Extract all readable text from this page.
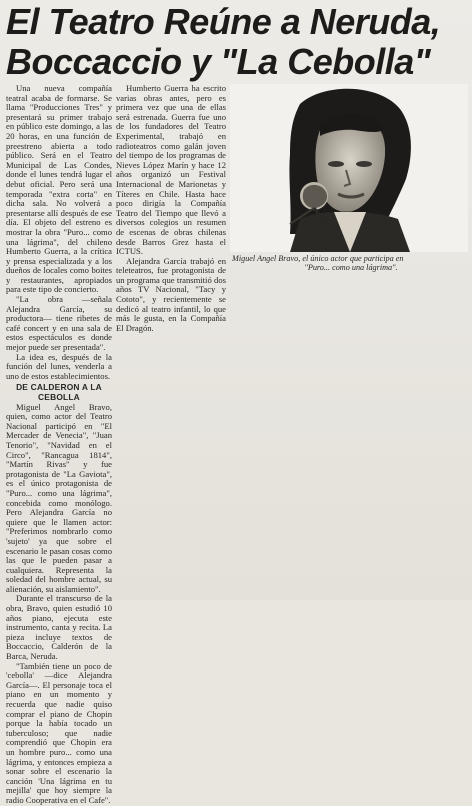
El Teatro Reúne a Neruda,
Boccaccio y "La Cebolla"

Una nueva compañía teatral acaba de formarse. Se llama "Producciones Tres" y presentará su primer trabajo en público este domingo, a las 20 horas, en una función de preestreno abierta a todo público. Será en el Teatro Municipal de Las Condes, donde el lunes tendrá lugar el debut oficial. Pero será una temporada "extra corta" en dicha sala. No volverá a presentarse allí después de ese día. El objeto del estreno es mostrar la obra "Puro... como una lágrima", del chileno Humberto Guerra, a la crítica y prensa especializada y a los dueños de locales como boites y restaurantes, apropiados para este tipo de concierto.

"La obra —señala Alejandra García, su productora— tiene ribetes de café concert y en una sala de estos espectáculos es donde mejor puede ser presentada".

La idea es, después de la función del lunes, venderla a uno de estos establecimientos.

DE CALDERON A LA CEBOLLA

Miguel Angel Bravo, quien, como actor del Teatro Nacional participó en "El Mercader de Venecia", "Juan Tenorio", "Navidad en el Circo", "Rancagua 1814", "Martín Rivas" y fue protagonista de "La Gaviota", es el único protagonista de "Puro... como una lágrima", concebida como monólogo. Pero Alejandra García no quiere que le llamen actor: "Preferimos nombrarlo como 'sujeto' ya que sobre el escenario le pasan cosas como las que le pueden pasar a cualquiera. Representa la soledad del hombre actual, su alienación, su aislamiento".

Durante el transcurso de la obra, Bravo, quien estudió 10 años piano, ejecuta este instrumento, canta y recita. La pieza incluye textos de Boccaccio, Calderón de la Barca, Neruda.

"También tiene un poco de 'cebolla' —dice Alejandra García—. El personaje toca el piano en un momento y recuerda que nadie quiso comprar el piano de Chopin porque la había tocado un tuberculoso; que nadie comprendió que Chopin era un hombre puro... como una lágrima, y entonces empieza a sonar sobre el escenario la canción 'Una lágrima en tu mejilla' que hoy siempre la radio Cooperativa en el Cafe".

Humberto Guerra ha escrito varias obras antes, pero es primera vez que una de ellas será estrenada. Guerra fue uno de los fundadores del Teatro Experimental, trabajó en radioteatros como galán joven del tiempo de los programas de Nieves López Marín y hace 12 años organizó un Festival Internacional de Marionetas y Títeres en Chile. Hasta hace poco dirigía la Compañía Teatro del Tiempo que llevó a diversos colegios un resumen de escenas de obras chilenas desde Barros Grez hasta el ICTUS.

Alejandra García trabajó en teleteatros, fue protagonista de un programa que transmitió dos años TV Nacional, "Tacy y Cototo", y recientemente se dedicó al teatro infantil, lo que más le gusta, en la Compañía El Dragón.

Miguel Angel Bravo, el único actor que participa en
"Puro... como una lágrima".
